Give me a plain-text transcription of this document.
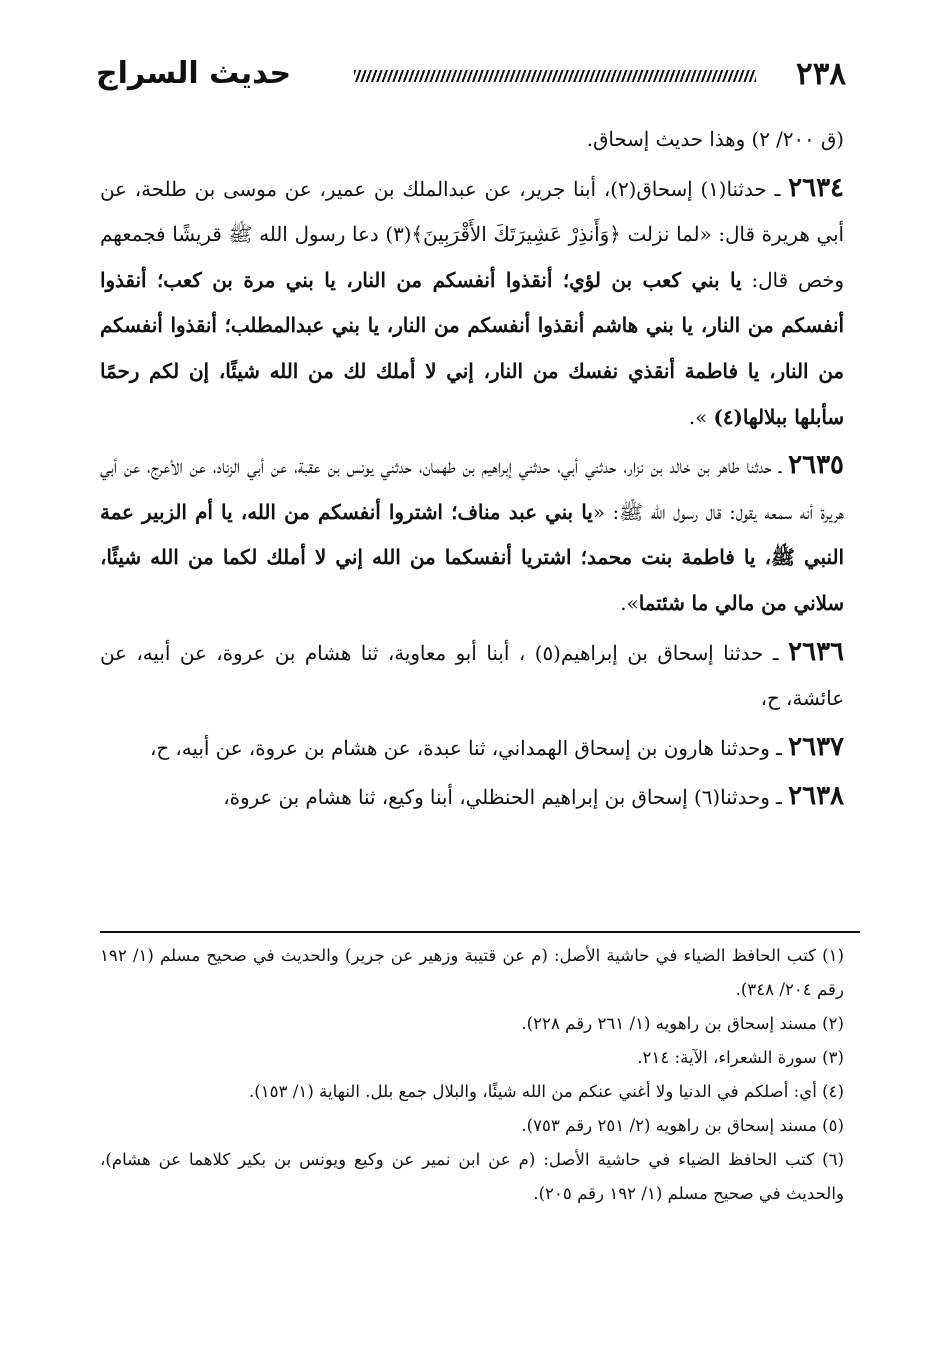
٢٣٨
حديث السراج

(ق ٢٠٠/ ٢) وهذا حديث إسحاق.

٢٦٣٤ ـ حدثنا(١) إسحاق(٢)، أبنا جرير، عن عبدالملك بن عمير، عن موسى بن طلحة، عن أبي هريرة قال: «لما نزلت ﴿وَأَنذِرْ عَشِيرَتَكَ الأَقْرَبِينَ﴾(٣) دعا رسول الله ﷺ قريشًا فجمعهم وخص قال: يا بني كعب بن لؤي؛ أنقذوا أنفسكم من النار، يا بني مرة بن كعب؛ أنقذوا أنفسكم من النار، يا بني هاشم أنقذوا أنفسكم من النار، يا بني عبدالمطلب؛ أنقذوا أنفسكم من النار، يا فاطمة أنقذي نفسك من النار، إني لا أملك لك من الله شيئًا، إن لكم رحمًا سأبلها ببلالها(٤) ».

٢٦٣٥ ـ حدثنا طاهر بن خالد بن نزار، حدثني أبي، حدثني إبراهيم بن طهمان، حدثني يونس بن عقبة، عن أبي الزناد، عن الأعرج، عن أبي هريرة أنه سمعه يقول: قال رسول الله ﷺ: «يا بني عبد مناف؛ اشتروا أنفسكم من الله، يا أم الزبير عمة النبي ﷺ، يا فاطمة بنت محمد؛ اشتريا أنفسكما من الله إني لا أملك لكما من الله شيئًا، سلاني من مالي ما شئتما».

٢٦٣٦ ـ حدثنا إسحاق بن إبراهيم(٥) ، أبنا أبو معاوية، ثنا هشام بن عروة، عن أبيه، عن عائشة، ح،

٢٦٣٧ ـ وحدثنا هارون بن إسحاق الهمداني، ثنا عبدة، عن هشام بن عروة، عن أبيه، ح،

٢٦٣٨ ـ وحدثنا(٦) إسحاق بن إبراهيم الحنظلي، أبنا وكيع، ثنا هشام بن عروة،

(١) كتب الحافظ الضياء في حاشية الأصل: (م عن قتيبة وزهير عن جرير) والحديث في صحيح مسلم (١/ ١٩٢ رقم ٢٠٤/ ٣٤٨).

(٢) مسند إسحاق بن راهويه (١/ ٢٦١ رقم ٢٢٨).

(٣) سورة الشعراء، الآية: ٢١٤.

(٤) أي: أصلكم في الدنيا ولا أغني عنكم من الله شيئًا، والبلال جمع بلل. النهاية (١/ ١٥٣).

(٥) مسند إسحاق بن راهويه (٢/ ٢٥١ رقم ٧٥٣).

(٦) كتب الحافظ الضياء في حاشية الأصل: (م عن ابن نمير عن وكيع ويونس بن بكير كلاهما عن هشام)، والحديث في صحيح مسلم (١/ ١٩٢ رقم ٢٠٥).
